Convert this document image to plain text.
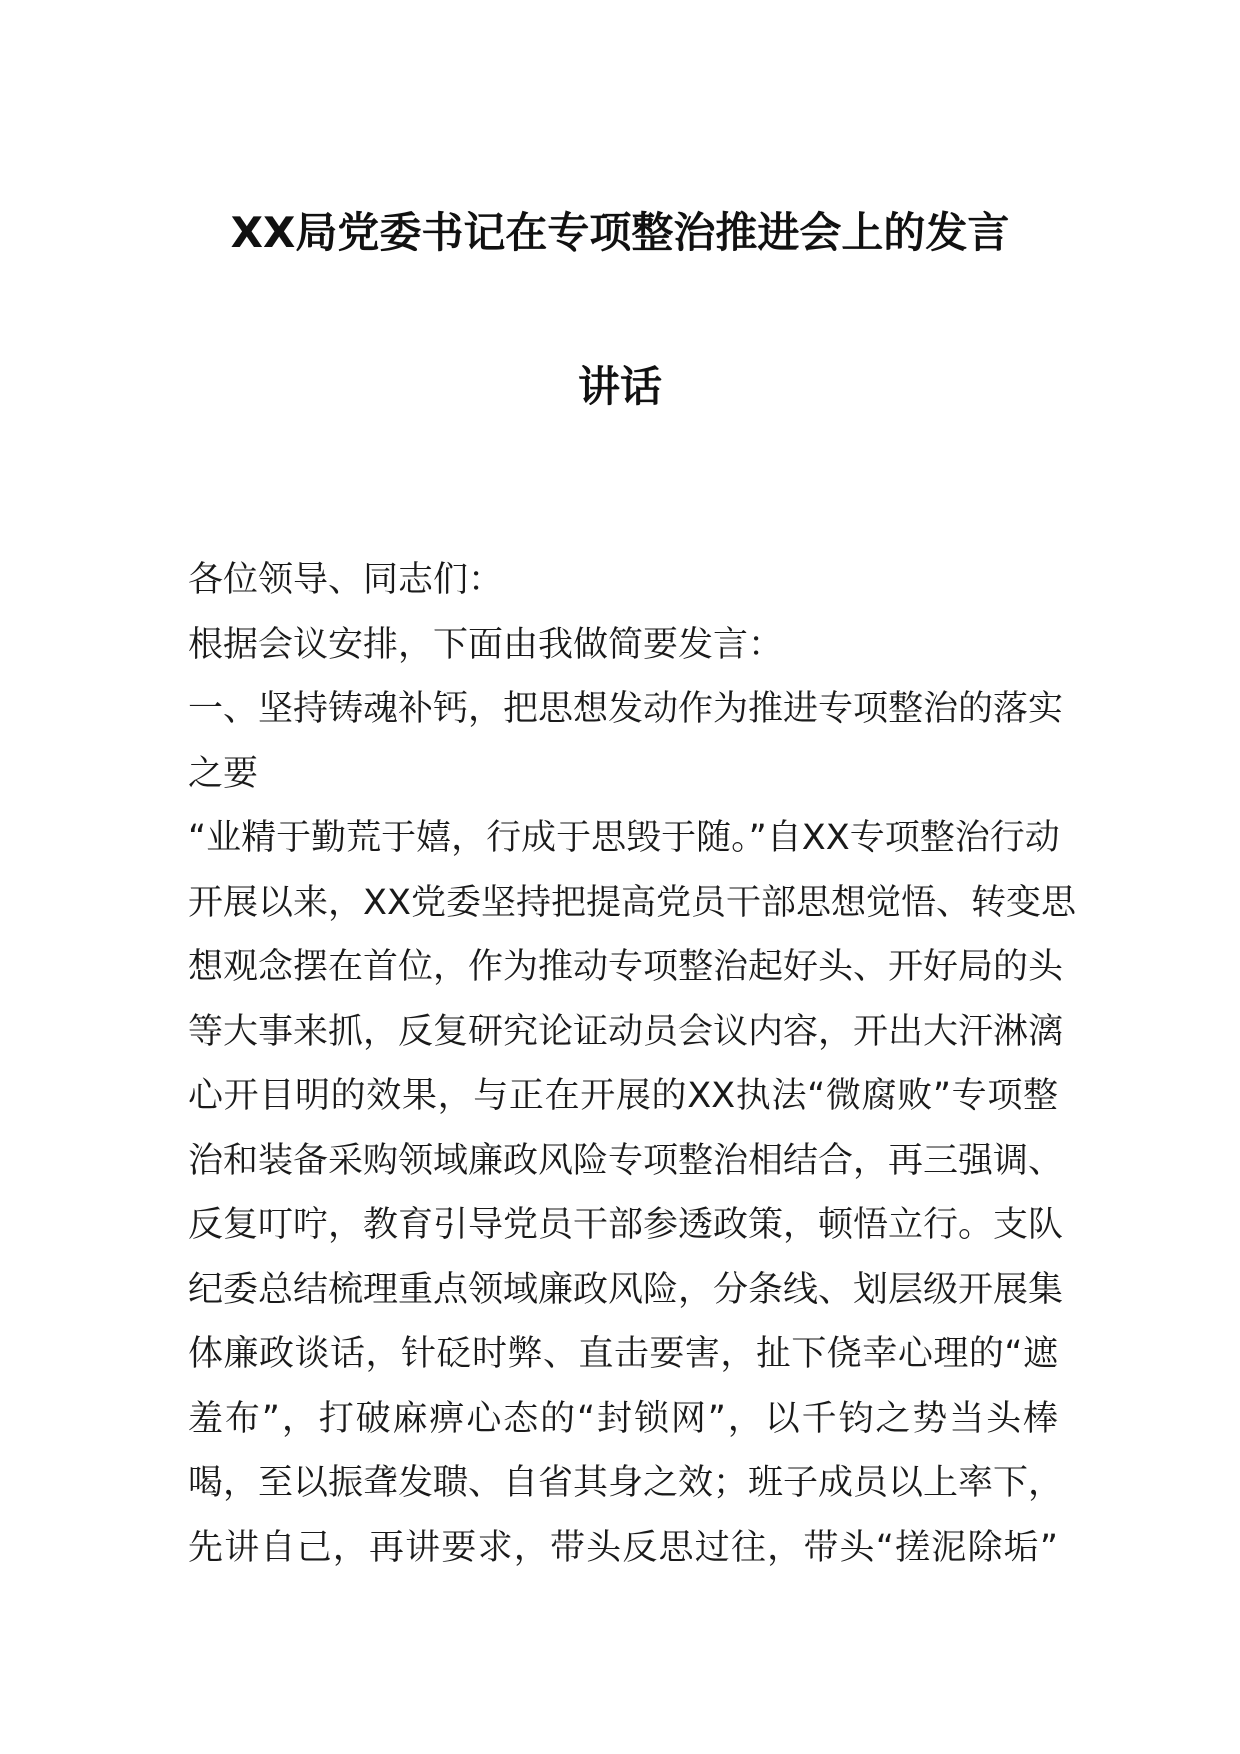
XX局党委书记在专项整治推进会上的发言
讲话
各位领导、同志们：
根据会议安排，下面由我做简要发言：
一、坚持铸魂补钙，把思想发动作为推进专项整治的落实
之要
“业精于勤荒于嬉，行成于思毁于随。”自XX专项整治行动
开展以来，XX党委坚持把提高党员干部思想觉悟、转变思
想观念摆在首位，作为推动专项整治起好头、开好局的头
等大事来抓，反复研究论证动员会议内容，开出大汗淋漓
心开目明的效果，与正在开展的XX执法“微腐败”专项整
治和装备采购领域廉政风险专项整治相结合，再三强调、
反复叮咛，教育引导党员干部参透政策，顿悟立行。支队
纪委总结梳理重点领域廉政风险，分条线、划层级开展集
体廉政谈话，针砭时弊、直击要害，扯下侥幸心理的“遮
羞布”，打破麻痹心态的“封锁网”，以千钧之势当头棒
喝，至以振聋发聩、自省其身之效；班子成员以上率下，
先讲自己，再讲要求，带头反思过往，带头“搓泥除垢”
